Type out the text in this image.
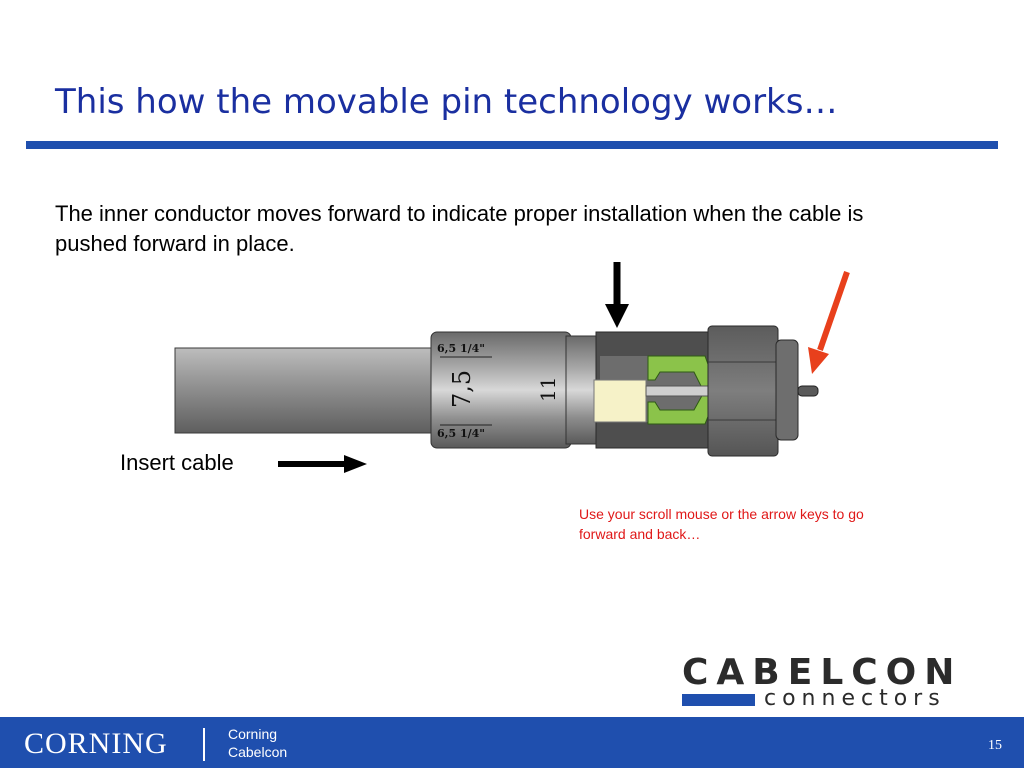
This how the movable pin technology works…
The inner conductor moves forward to indicate proper installation when the cable is pushed forward in place.
6,5 1/4"
6,5 1/4"
7,5	11
Insert cable
Use your scroll mouse or the arrow keys to go forward and back…
CABELCON
connectors
CORNING	Corning
Cabelcon	15
